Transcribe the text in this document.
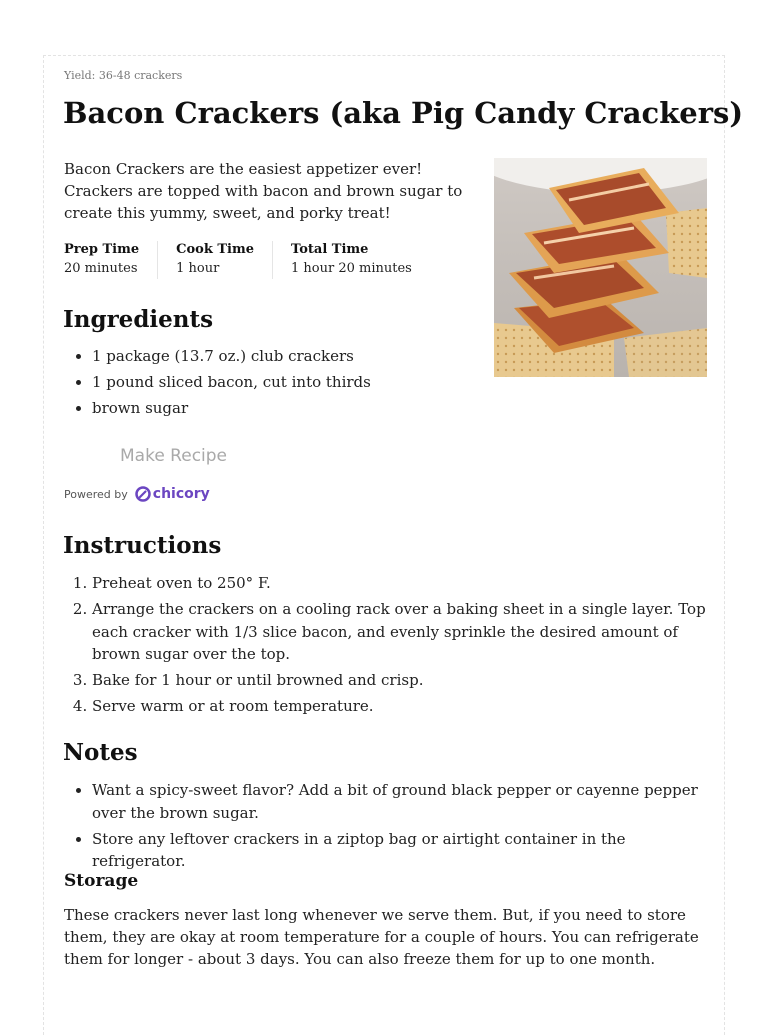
Yield: 36-48 crackers
Bacon Crackers (aka Pig Candy Crackers)

Bacon Crackers are the easiest appetizer ever! Crackers are topped with bacon and brown sugar to create this yummy, sweet, and porky treat!

Prep Time
20 minutes
Cook Time
1 hour
Total Time
1 hour 20 minutes
Ingredients
• 1 package (13.7 oz.) club crackers
• 1 pound sliced bacon, cut into thirds
• brown sugar
Make Recipe
Powered by chicory
Instructions
1. Preheat oven to 250° F.
2. Arrange the crackers on a cooling rack over a baking sheet in a single layer. Top each cracker with 1/3 slice bacon, and evenly sprinkle the desired amount of brown sugar over the top.
3. Bake for 1 hour or until browned and crisp.
4. Serve warm or at room temperature.
Notes
• Want a spicy-sweet flavor? Add a bit of ground black pepper or cayenne pepper over the brown sugar.
• Store any leftover crackers in a ziptop bag or airtight container in the refrigerator.
Storage

These crackers never last long whenever we serve them. But, if you need to store them, they are okay at room temperature for a couple of hours. You can refrigerate them for longer - about 3 days. You can also freeze them for up to one month.
